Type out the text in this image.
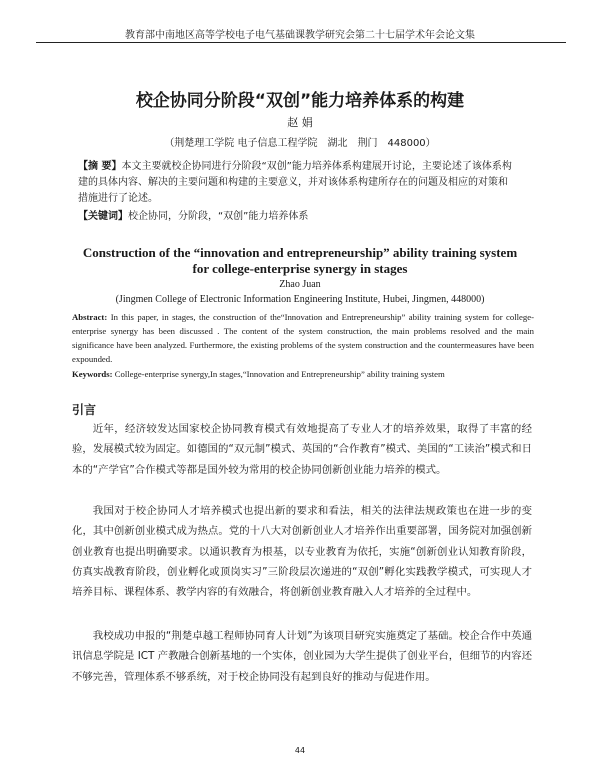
教育部中南地区高等学校电子电气基础课教学研究会第二十七届学术年会论文集
校企协同分阶段“双创”能力培养体系的构建
赵 娟
（荆楚理工学院 电子信息工程学院　湖北　荆门　448000）
【摘 要】本文主要就校企协同进行分阶段“双创”能力培养体系构建展开讨论，主要论述了该体系构建的具体内容、解决的主要问题和构建的主要意义，并对该体系构建所存在的问题及相应的对策和措施进行了论述。
【关键词】校企协同，分阶段，“双创”能力培养体系
Construction of the “innovation and entrepreneurship” ability training system
for college-enterprise synergy in stages
Zhao Juan
(Jingmen College of Electronic Information Engineering Institute, Hubei, Jingmen, 448000)
Abstract: In this paper, in stages, the construction of the“Innovation and Entrepreneurship” ability training system for college-enterprise synergy has been discussed . The content of the system construction, the main problems resolved and the main significance have been analyzed. Furthermore, the existing problems of the system construction and the countermeasures have been expounded.
Keywords: College-enterprise synergy,In stages,“Innovation and Entrepreneurship” ability training system
引言
近年，经济较发达国家校企协同教育模式有效地提高了专业人才的培养效果，取得了丰富的经验，发展模式较为固定。如德国的“双元制”模式、英国的“合作教育”模式、美国的“工读治”模式和日本的“产学官”合作模式等都是国外较为常用的校企协同创新创业能力培养的模式。
我国对于校企协同人才培养模式也提出新的要求和看法，相关的法律法规政策也在进一步的变化，其中创新创业模式成为热点。党的十八大对创新创业人才培养作出重要部署，国务院对加强创新创业教育也提出明确要求。以通识教育为根基，以专业教育为依托，实施“创新创业认知教育阶段，仿真实战教育阶段，创业孵化或顶岗实习”三阶段层次递进的“双创”孵化实践教学模式，可实现人才培养目标、课程体系、教学内容的有效融合，将创新创业教育融入人才培养的全过程中。
我校成功申报的“荆楚卓越工程师协同育人计划”为该项目研究实施奠定了基础。校企合作中英通讯信息学院是 ICT 产教融合创新基地的一个实体，创业园为大学生提供了创业平台，但细节的内容还不够完善，管理体系不够系统，对于校企协同没有起到良好的推动与促进作用。
44
